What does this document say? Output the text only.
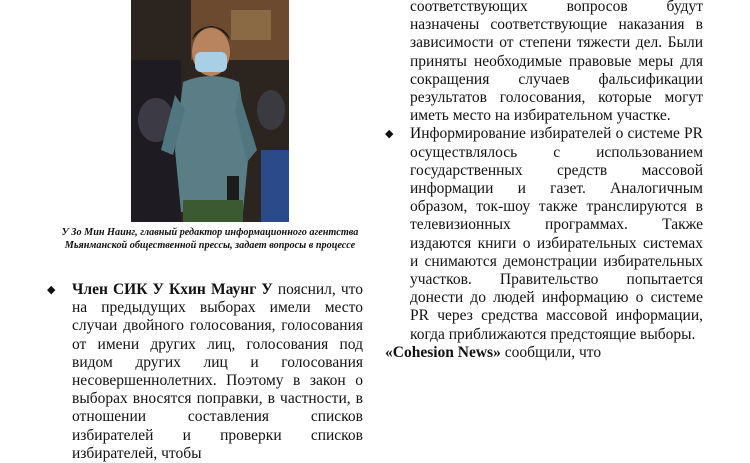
У Зо Мин Наинг, главный редактор информационного агентства Мьянманской общественной прессы, задает вопросы в процессе

◆ Член СИК У Кхин Маунг У пояснил, что на предыдущих выборах имели место случаи двойного голосования, голосования от имени других лиц, голосования под видом других лиц и голосования несовершеннолетних. Поэтому в закон о выборах вносятся поправки, в частности, в отношении составления списков избирателей и проверки списков избирателей, чтобы

соответствующих вопросов будут назначены соответствующие наказания в зависимости от степени тяжести дел. Были приняты необходимые правовые меры для сокращения случаев фальсификации результатов голосования, которые могут иметь место на избирательном участке.

◆ Информирование избирателей о системе PR осуществлялось с использованием государственных средств массовой информации и газет. Аналогичным образом, ток-шоу также транслируются в телевизионных программах. Также издаются книги о избирательных системах и снимаются демонстрации избирательных участков. Правительство попытается донести до людей информацию о системе PR через средства массовой информации, когда приближаются предстоящие выборы.

«Cohesion News» сообщили, что
